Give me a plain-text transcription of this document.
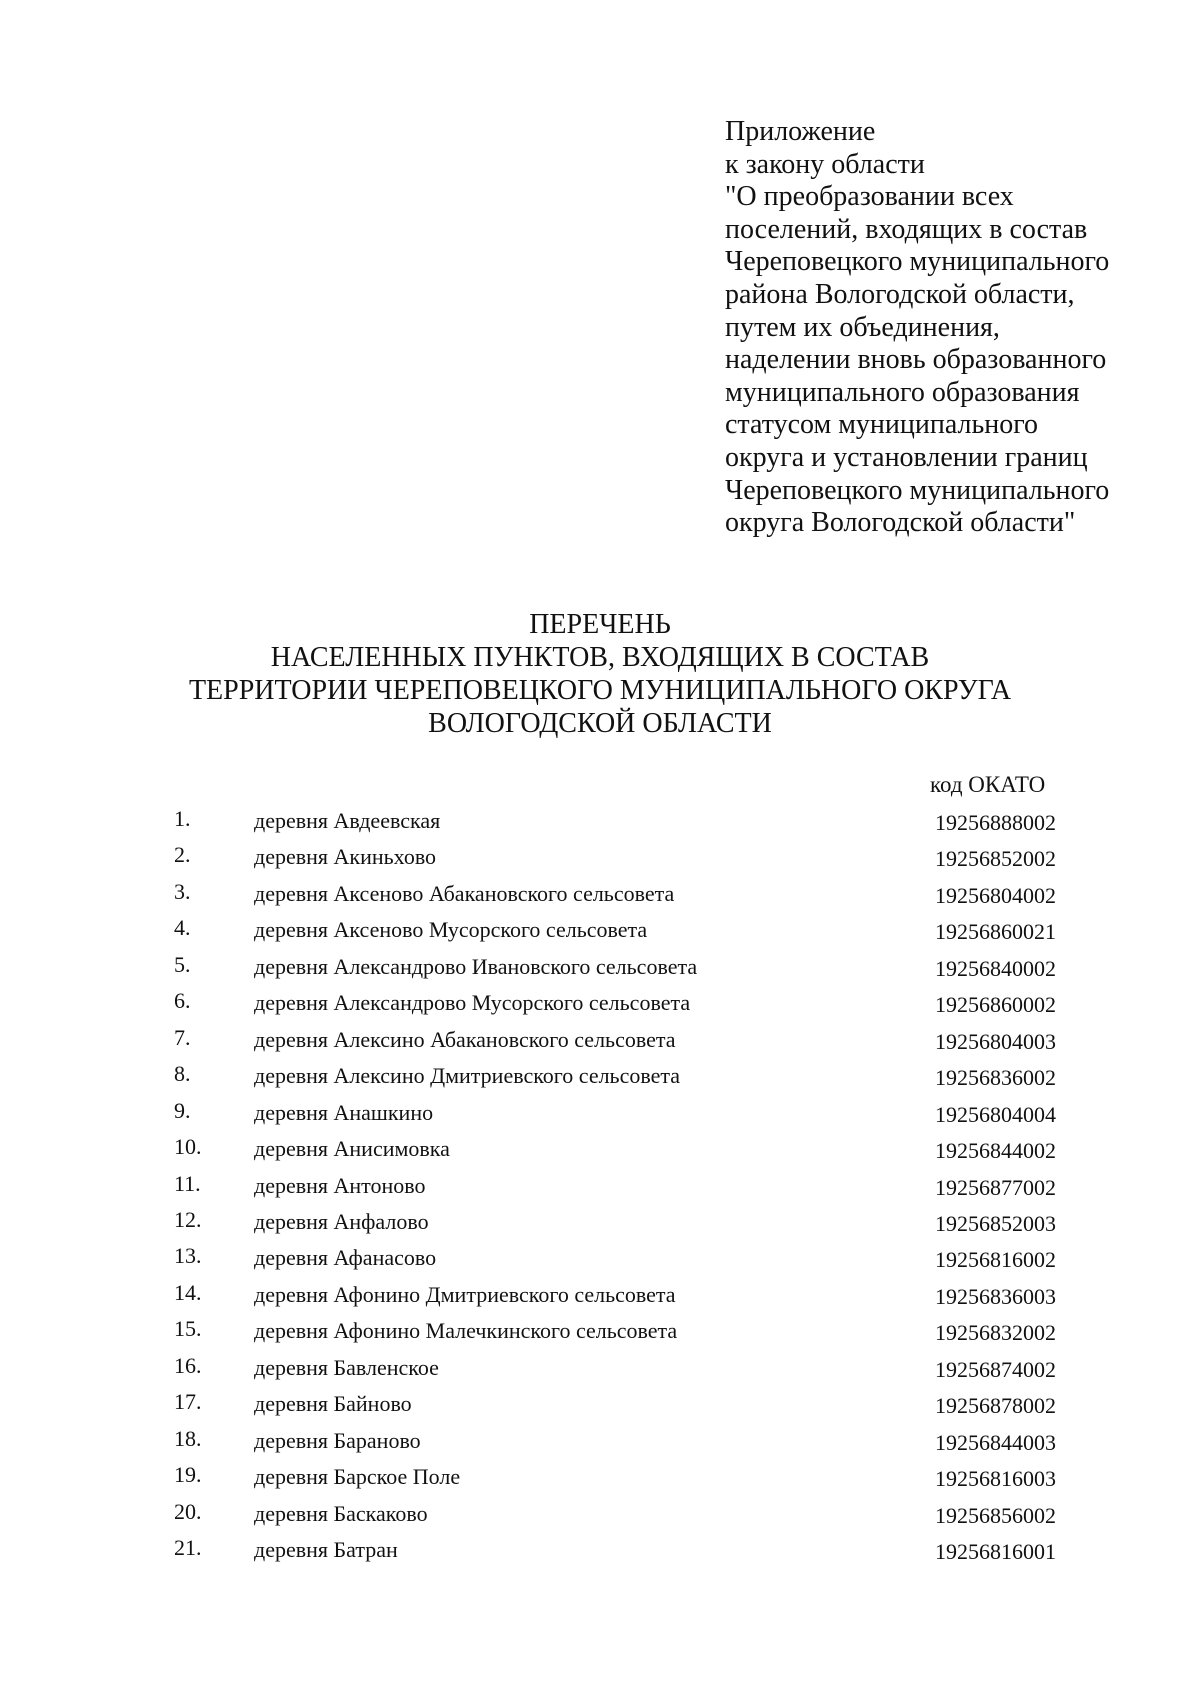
Приложение
к закону области
"О преобразовании всех
поселений, входящих в состав
Череповецкого муниципального
района Вологодской области,
путем их объединения,
наделении вновь образованного
муниципального образования
статусом муниципального
округа и установлении границ
Череповецкого муниципального
округа Вологодской области"
ПЕРЕЧЕНЬ
НАСЕЛЕННЫХ ПУНКТОВ, ВХОДЯЩИХ В СОСТАВ
ТЕРРИТОРИИ ЧЕРЕПОВЕЦКОГО МУНИЦИПАЛЬНОГО ОКРУГА
ВОЛОГОДСКОЙ ОБЛАСТИ
код ОКАТО
1.	деревня Авдеевская	19256888002
2.	деревня Акиньхово	19256852002
3.	деревня Аксеново Абакановского сельсовета	19256804002
4.	деревня Аксеново Мусорского сельсовета	19256860021
5.	деревня Александрово Ивановского сельсовета	19256840002
6.	деревня Александрово Мусорского сельсовета	19256860002
7.	деревня Алексино Абакановского сельсовета	19256804003
8.	деревня Алексино Дмитриевского сельсовета	19256836002
9.	деревня Анашкино	19256804004
10. деревня Анисимовка	19256844002
11. деревня Антоново	19256877002
12. деревня Анфалово	19256852003
13. деревня Афанасово	19256816002
14. деревня Афонино Дмитриевского сельсовета	19256836003
15. деревня Афонино Малечкинского сельсовета	19256832002
16. деревня Бавленское	19256874002
17. деревня Байново	19256878002
18. деревня Бараново	19256844003
19. деревня Барское Поле	19256816003
20. деревня Баскаково	19256856002
21. деревня Батран	19256816001
